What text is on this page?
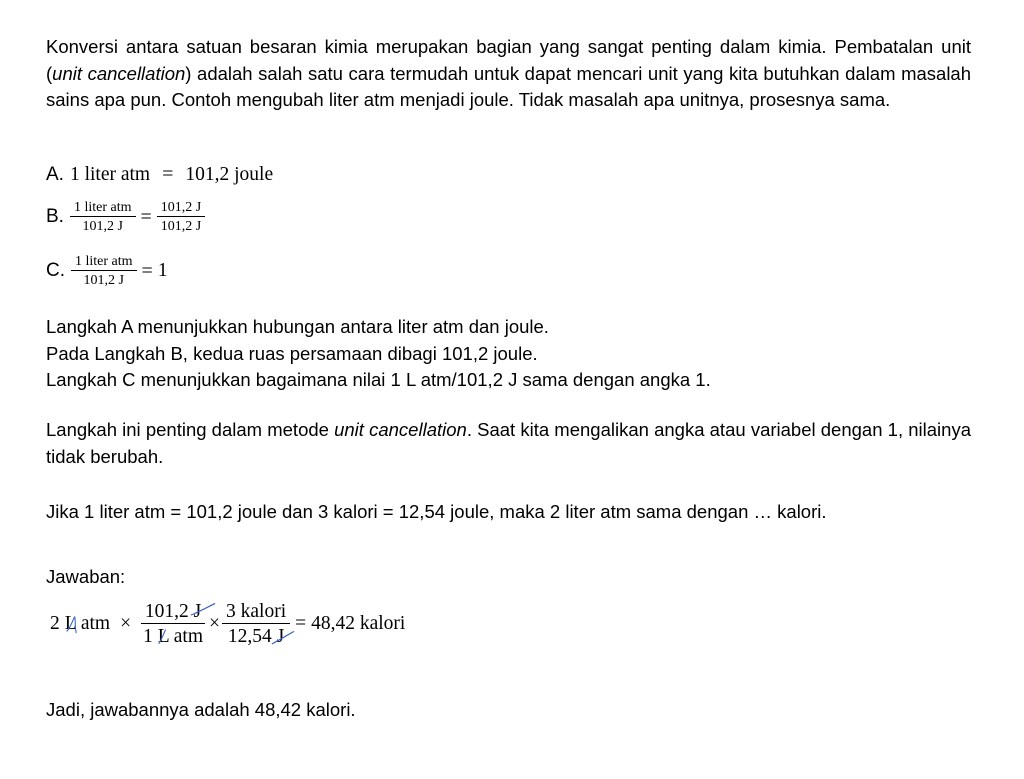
Konversi antara satuan besaran kimia merupakan bagian yang sangat penting dalam kimia. Pembatalan unit (unit cancellation) adalah salah satu cara termudah untuk dapat mencari unit yang kita butuhkan dalam masalah sains apa pun. Contoh mengubah liter atm menjadi joule. Tidak masalah apa unitnya, prosesnya sama.
A. 1 liter atm = 101,2 joule
B. $\frac{\text{1 liter atm}}{101,2 J} = \frac{101,2 J}{101,2 J}$
C. $\frac{\text{1 liter atm}}{101,2 J} = 1$
Langkah A menunjukkan hubungan antara liter atm dan joule.
Pada Langkah B, kedua ruas persamaan dibagi 101,2 joule.
Langkah C menunjukkan bagaimana nilai 1 L atm/101,2 J sama dengan angka 1.
Langkah ini penting dalam metode unit cancellation. Saat kita mengalikan angka atau variabel dengan 1, nilainya tidak berubah.
Jika 1 liter atm = 101,2 joule dan 3 kalori = 12,54 joule, maka 2 liter atm sama dengan … kalori.
Jawaban:
2 L atm × $\frac{101,2 J}{\text{1 L atm}} \times \frac{\text{3 kalori}}{12,54 J} = 48,42$ kalori
Jadi, jawabannya adalah 48,42 kalori.
